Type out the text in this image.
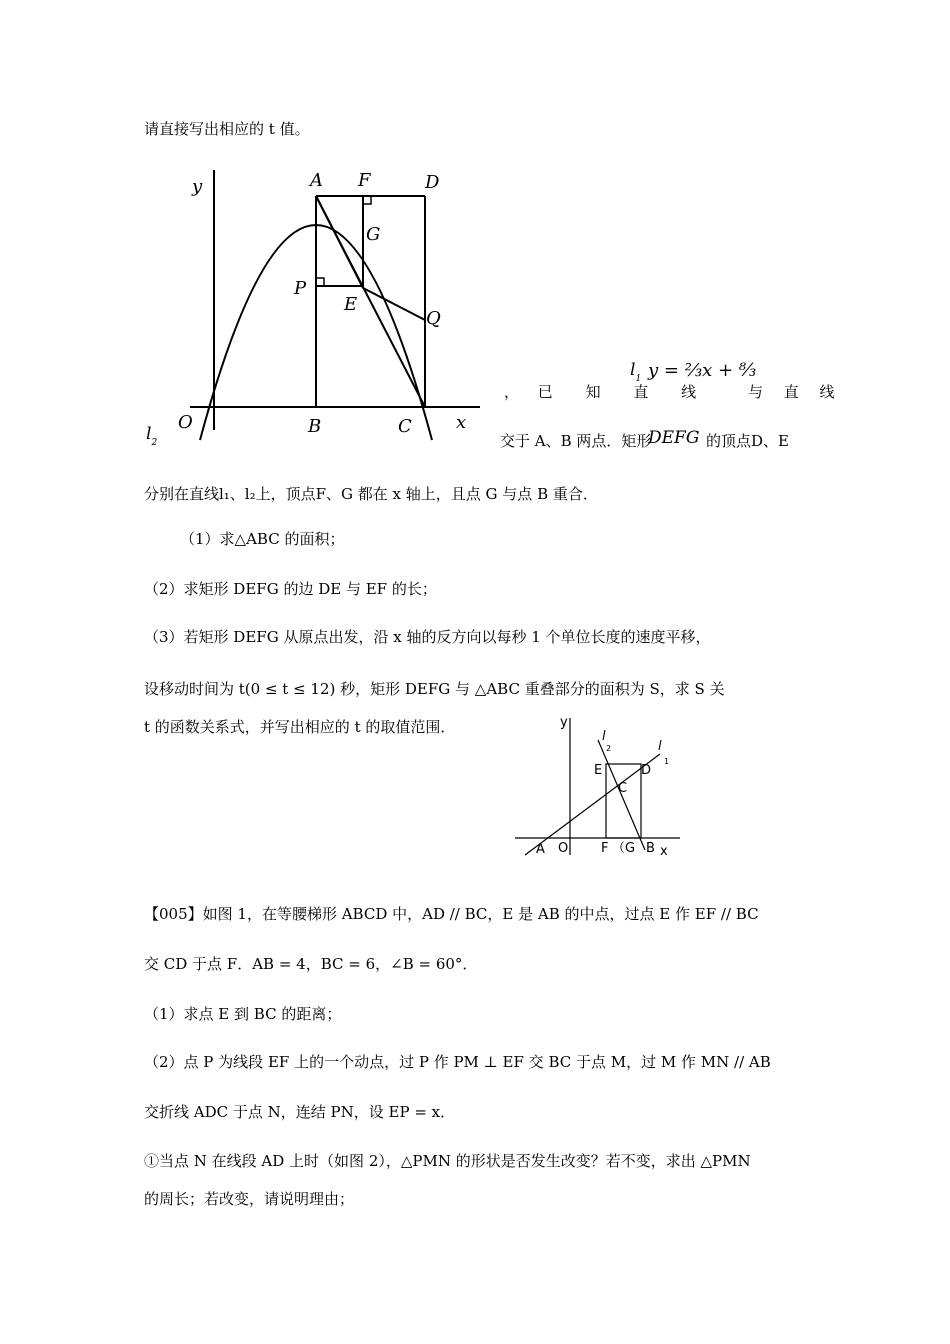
请直接写出相应的 t 值。
y	A F	D
G
P
E
Q
O	B	C x
， 已 知 直 线
$l_1$ y = ⅔x + ⁸⁄₃
与 直 线
$l_2$	交于 A、B 两点．矩形
DEFG 的顶点D、E
分别在直线l₁、l₂上，顶点F、G 都在 x 轴上，且点 G 与点 B 重合．
（1）求△ABC 的面积；
（2）求矩形 DEFG 的边 DE 与 EF 的长；
（3）若矩形 DEFG 从原点出发，沿 x 轴的反方向以每秒 1 个单位长度的速度平移，
设移动时间为 t(0 ≤ t ≤ 12) 秒，矩形 DEFG 与 △ABC 重叠部分的面积为 S，求 S 关
t 的函数关系式，并写出相应的 t 的取值范围．	y
l
2	l
1
E	D
C
A O	F （G B x
【005】如图 1，在等腰梯形 ABCD 中，AD // BC，E 是 AB 的中点，过点 E 作 EF // BC
交 CD 于点 F．AB = 4，BC = 6，∠B = 60°．
（1）求点 E 到 BC 的距离；
（2）点 P 为线段 EF 上的一个动点，过 P 作 PM ⊥ EF 交 BC 于点 M，过 M 作 MN // AB
交折线 ADC 于点 N，连结 PN，设 EP = x．
①当点 N 在线段 AD 上时（如图 2），△PMN 的形状是否发生改变？若不变，求出 △PMN
的周长；若改变，请说明理由；
